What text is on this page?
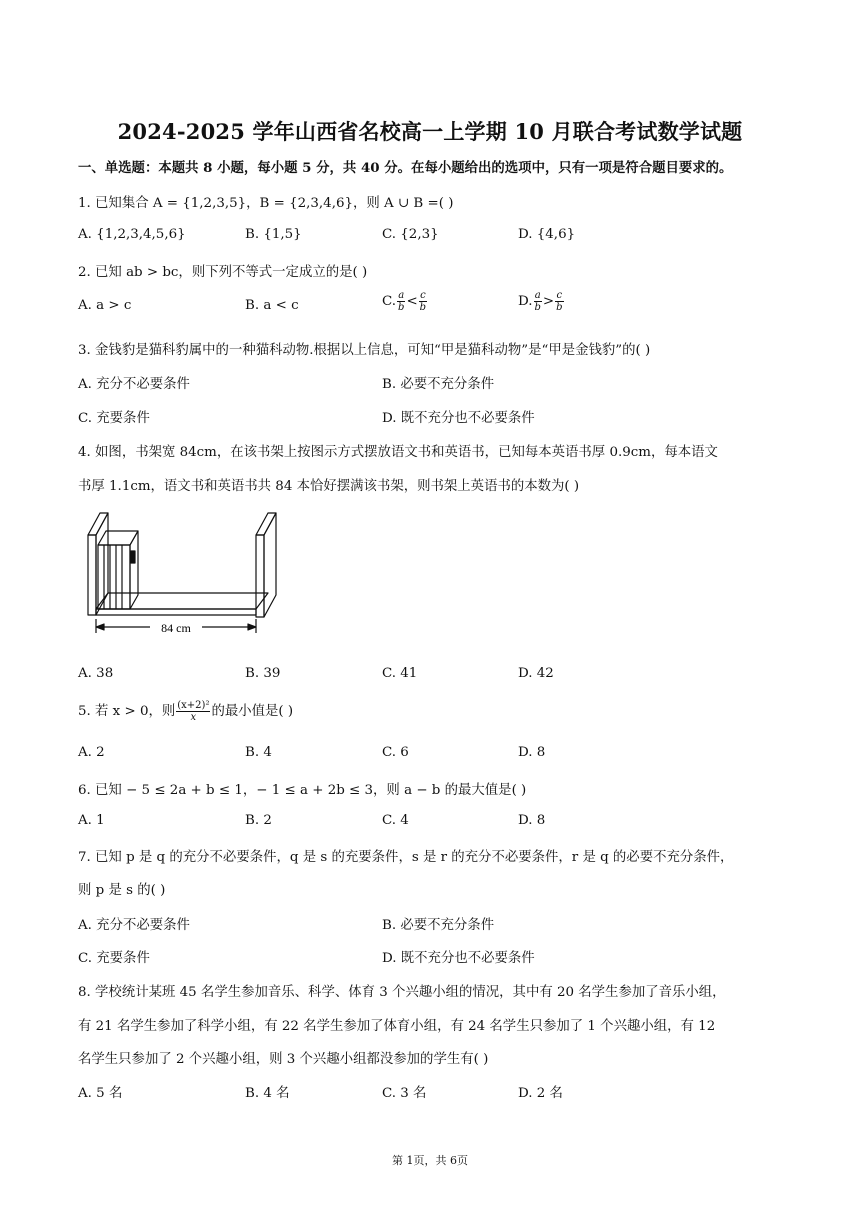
2024-2025 学年山西省名校高一上学期 10 月联合考试数学试题
一、单选题：本题共 8 小题，每小题 5 分，共 40 分。在每小题给出的选项中，只有一项是符合题目要求的。
1. 已知集合 A = {1,2,3,5}，B = {2,3,4,6}，则 A ∪ B =( )
A. {1,2,3,4,5,6}	B. {1,5}	C. {2,3}	D. {4,6}
2. 已知 ab > bc，则下列不等式一定成立的是( )
A. a > c	B. a < c	C. $\frac{a}{b} < \frac{c}{b}$	D. $\frac{a}{b} > \frac{c}{b}$
3. 金钱豹是猫科豹属中的一种猫科动物.根据以上信息，可知“甲是猫科动物”是“甲是金钱豹”的( )
A. 充分不必要条件	B. 必要不充分条件
C. 充要条件	D. 既不充分也不必要条件
4. 如图，书架宽 84cm，在该书架上按图示方式摆放语文书和英语书，已知每本英语书厚 0.9cm，每本语文
书厚 1.1cm，语文书和英语书共 84 本恰好摆满该书架，则书架上英语书的本数为( )
84 cm
A. 38	B. 39	C. 41	D. 42
5. 若 x > 0，则 $\frac{\text{(x+2)²}}{x}$ 的最小值是( )
A. 2	B. 4	C. 6	D. 8
6. 已知 − 5 ≤ 2a + b ≤ 1，− 1 ≤ a + 2b ≤ 3，则 a − b 的最大值是( )
A. 1	B. 2	C. 4	D. 8
7. 已知 p 是 q 的充分不必要条件，q 是 s 的充要条件，s 是 r 的充分不必要条件，r 是 q 的必要不充分条件，
则 p 是 s 的( )
A. 充分不必要条件	B. 必要不充分条件
C. 充要条件	D. 既不充分也不必要条件
8. 学校统计某班 45 名学生参加音乐、科学、体育 3 个兴趣小组的情况，其中有 20 名学生参加了音乐小组，
有 21 名学生参加了科学小组，有 22 名学生参加了体育小组，有 24 名学生只参加了 1 个兴趣小组，有 12
名学生只参加了 2 个兴趣小组，则 3 个兴趣小组都没参加的学生有( )
A. 5 名	B. 4 名	C. 3 名	D. 2 名
第 1页，共 6页
